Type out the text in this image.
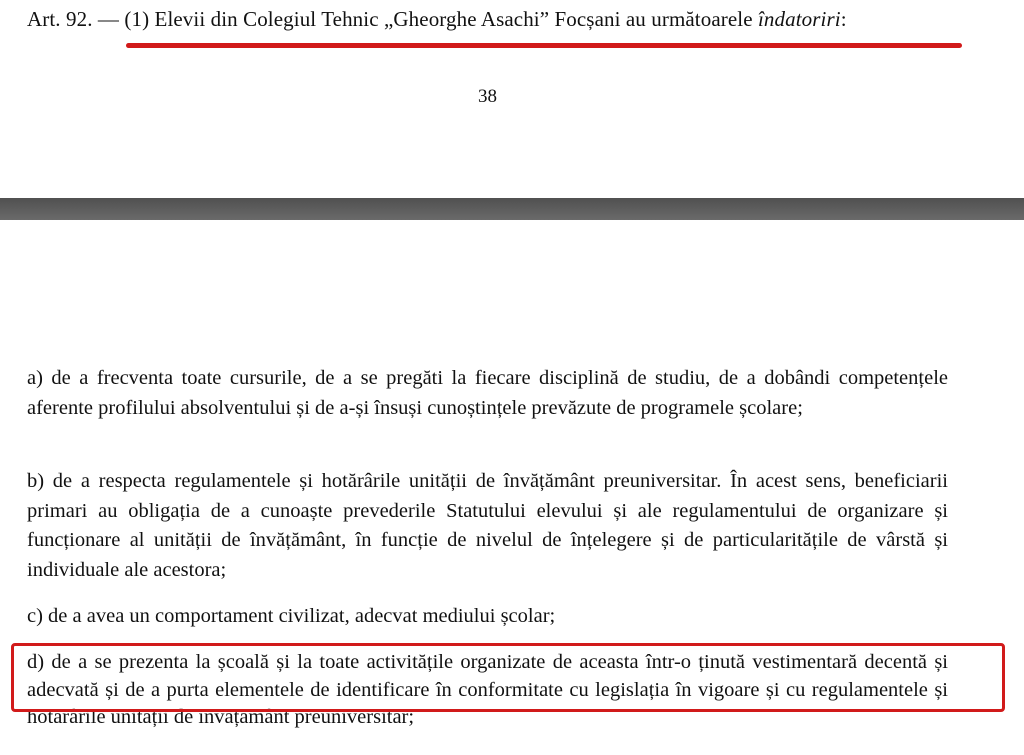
Art. 92. — (1) Elevii din Colegiul Tehnic „Gheorghe Asachi” Focșani au următoarele îndatoriri:
38
a) de a frecventa toate cursurile, de a se pregăti la fiecare disciplină de studiu, de a dobândi competențele aferente profilului absolventului și de a-și însuși cunoștințele prevăzute de programele școlare;
b) de a respecta regulamentele și hotărârile unității de învățământ preuniversitar. În acest sens, beneficiarii primari au obligația de a cunoaște prevederile Statutului elevului și ale regulamentului de organizare și funcționare al unității de învățământ, în funcție de nivelul de înțelegere și de particularitățile de vârstă și individuale ale acestora;
c) de a avea un comportament civilizat, adecvat mediului școlar;
d) de a se prezenta la școală și la toate activitățile organizate de aceasta într-o ținută vestimentară decentă și adecvată și de a purta elementele de identificare în conformitate cu legislația în vigoare și cu regulamentele și hotărârile unității de învățământ preuniversitar;
